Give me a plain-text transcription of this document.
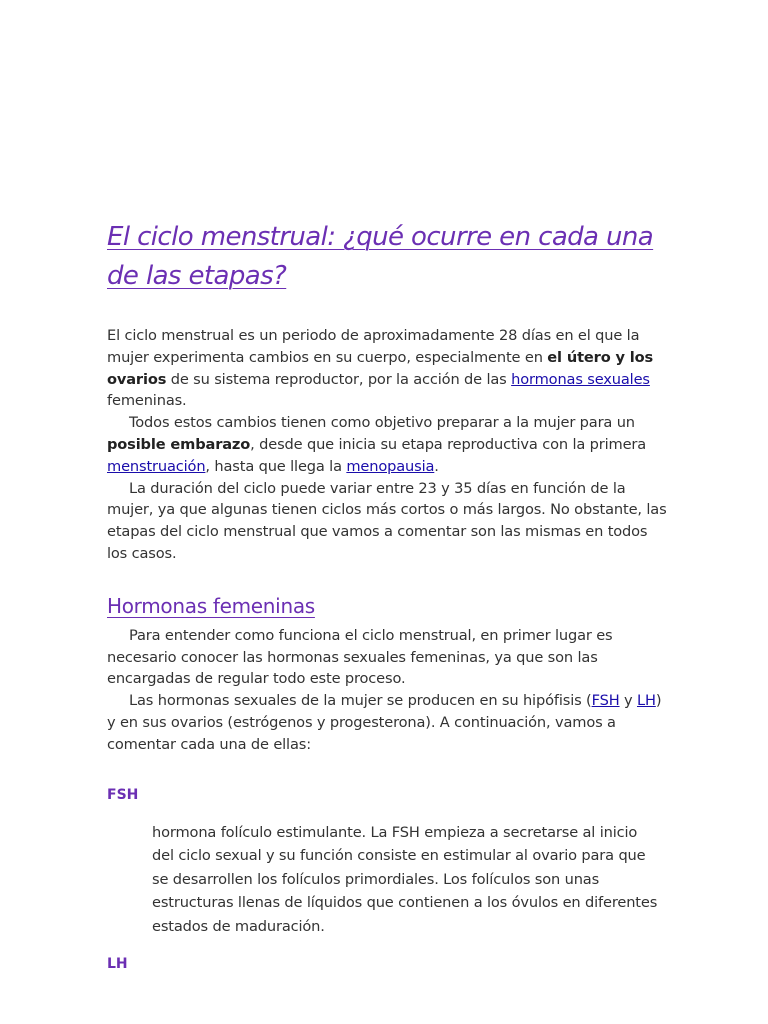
El ciclo menstrual: ¿qué ocurre en cada una de las etapas?

El ciclo menstrual es un periodo de aproximadamente 28 días en el que la mujer experimenta cambios en su cuerpo, especialmente en el útero y los ovarios de su sistema reproductor, por la acción de las hormonas sexuales femeninas.

Todos estos cambios tienen como objetivo preparar a la mujer para un posible embarazo, desde que inicia su etapa reproductiva con la primera menstruación, hasta que llega la menopausia.

La duración del ciclo puede variar entre 23 y 35 días en función de la mujer, ya que algunas tienen ciclos más cortos o más largos. No obstante, las etapas del ciclo menstrual que vamos a comentar son las mismas en todos los casos.

Hormonas femeninas

Para entender como funciona el ciclo menstrual, en primer lugar es necesario conocer las hormonas sexuales femeninas, ya que son las encargadas de regular todo este proceso.

Las hormonas sexuales de la mujer se producen en su hipófisis (FSH y LH) y en sus ovarios (estrógenos y progesterona). A continuación, vamos a comentar cada una de ellas:

FSH

hormona folículo estimulante. La FSH empieza a secretarse al inicio del ciclo sexual y su función consiste en estimular al ovario para que se desarrollen los folículos primordiales. Los folículos son unas estructuras llenas de líquidos que contienen a los óvulos en diferentes estados de maduración.

LH
